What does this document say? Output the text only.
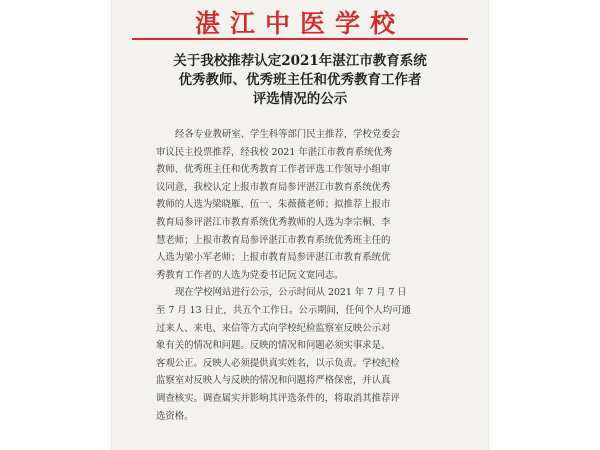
湛江中医学校
关于我校推荐认定2021年湛江市教育系统
优秀教师、优秀班主任和优秀教育工作者
评选情况的公示
经各专业教研室、学生科等部门民主推荐，学校党委会
审议民主投票推荐，经我校 2021 年湛江市教育系统优秀
教师、优秀班主任和优秀教育工作者评选工作领导小组审
议同意，我校认定上报市教育局参评湛江市教育系统优秀
教师的人选为梁晓雁、伍一、朱薇薇老师；拟推荐上报市
教育局参评湛江市教育系统优秀教师的人选为李宗桐、李
慧老师；上报市教育局参评湛江市教育系统优秀班主任的
人选为梁小军老师；上报市教育局参评湛江市教育系统优
秀教育工作者的人选为党委书记阮文宽同志。
现在学校网站进行公示，公示时间从 2021 年 7 月 7 日
至 7 月 13 日止，共五个工作日。公示期间，任何个人均可通
过来人、来电、来信等方式向学校纪检监察室反映公示对
象有关的情况和问题。反映的情况和问题必须实事求是、
客观公正。反映人必须提供真实姓名，以示负责。学校纪检
监察室对反映人与反映的情况和问题将严格保密，并认真
调查核实。调查属实并影响其评选条件的，将取消其推荐评
选资格。
